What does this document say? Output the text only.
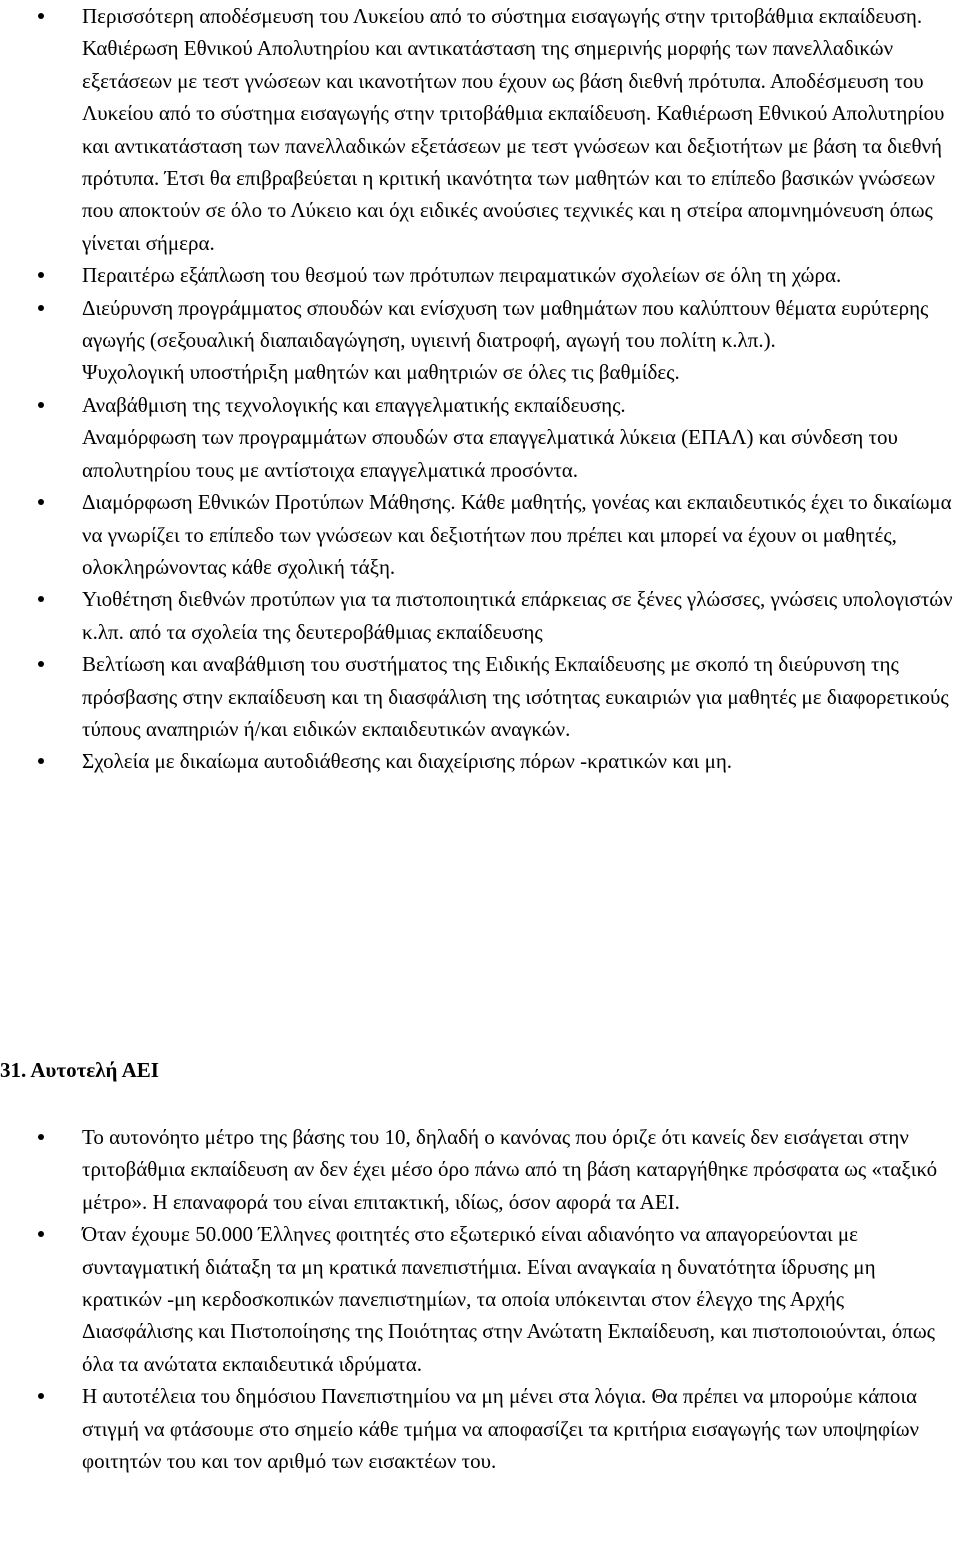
Περισσότερη αποδέσμευση του Λυκείου από το σύστημα εισαγωγής στην τριτοβάθμια εκπαίδευση. Καθιέρωση Εθνικού Απολυτηρίου και αντικατάσταση της σημερινής μορφής των πανελλαδικών εξετάσεων με τεστ γνώσεων και ικανοτήτων που έχουν ως βάση διεθνή πρότυπα. Αποδέσμευση του Λυκείου από το σύστημα εισαγωγής στην τριτοβάθμια εκπαίδευση. Καθιέρωση Εθνικού Απολυτηρίου και αντικατάσταση των πανελλαδικών εξετάσεων με τεστ γνώσεων και δεξιοτήτων με βάση τα διεθνή πρότυπα. Έτσι θα επιβραβεύεται η κριτική ικανότητα των μαθητών και το επίπεδο βασικών γνώσεων που αποκτούν σε όλο το Λύκειο και όχι ειδικές ανούσιες τεχνικές και η στείρα απομνημόνευση όπως γίνεται σήμερα.
Περαιτέρω εξάπλωση του θεσμού των πρότυπων πειραματικών σχολείων σε όλη τη χώρα.
Διεύρυνση προγράμματος σπουδών και ενίσχυση των μαθημάτων που καλύπτουν θέματα ευρύτερης αγωγής (σεξουαλική διαπαιδαγώγηση, υγιεινή διατροφή, αγωγή του πολίτη κ.λπ.).
Ψυχολογική υποστήριξη μαθητών και μαθητριών σε όλες τις βαθμίδες.
Αναβάθμιση της τεχνολογικής και επαγγελματικής εκπαίδευσης.
Αναμόρφωση των προγραμμάτων σπουδών στα επαγγελματικά λύκεια (ΕΠΑΛ) και σύνδεση του απολυτηρίου τους με αντίστοιχα επαγγελματικά προσόντα.
Διαμόρφωση Εθνικών Προτύπων Μάθησης. Κάθε μαθητής, γονέας και εκπαιδευτικός έχει το δικαίωμα να γνωρίζει το επίπεδο των γνώσεων και δεξιοτήτων που πρέπει και μπορεί να έχουν οι μαθητές, ολοκληρώνοντας κάθε σχολική τάξη.
Υιοθέτηση διεθνών προτύπων για τα πιστοποιητικά επάρκειας σε ξένες γλώσσες, γνώσεις υπολογιστών κ.λπ. από τα σχολεία της δευτεροβάθμιας εκπαίδευσης
Βελτίωση και αναβάθμιση του συστήματος της Ειδικής Εκπαίδευσης με σκοπό τη διεύρυνση της πρόσβασης στην εκπαίδευση και τη διασφάλιση της ισότητας ευκαιριών για μαθητές με διαφορετικούς τύπους αναπηριών ή/και ειδικών εκπαιδευτικών αναγκών.
Σχολεία με δικαίωμα αυτοδιάθεσης και διαχείρισης πόρων -κρατικών και μη.
31. Αυτοτελή ΑΕΙ
Το αυτονόητο μέτρο της βάσης του 10, δηλαδή ο κανόνας που όριζε ότι κανείς δεν εισάγεται στην τριτοβάθμια εκπαίδευση αν δεν έχει μέσο όρο πάνω από τη βάση καταργήθηκε πρόσφατα ως «ταξικό μέτρο». Η επαναφορά του είναι επιτακτική, ιδίως, όσον αφορά τα ΑΕΙ.
Όταν έχουμε 50.000 Έλληνες φοιτητές στο εξωτερικό είναι αδιανόητο να απαγορεύονται με συνταγματική διάταξη τα μη κρατικά πανεπιστήμια. Είναι αναγκαία η δυνατότητα ίδρυσης μη κρατικών -μη κερδοσκοπικών πανεπιστημίων, τα οποία υπόκεινται στον έλεγχο της Αρχής Διασφάλισης και Πιστοποίησης της Ποιότητας στην Ανώτατη Εκπαίδευση, και πιστοποιούνται, όπως όλα τα ανώτατα εκπαιδευτικά ιδρύματα.
Η αυτοτέλεια του δημόσιου Πανεπιστημίου να μη μένει στα λόγια. Θα πρέπει να μπορούμε κάποια στιγμή να φτάσουμε στο σημείο κάθε τμήμα να αποφασίζει τα κριτήρια εισαγωγής των υποψηφίων φοιτητών του και τον αριθμό των εισακτέων του.
